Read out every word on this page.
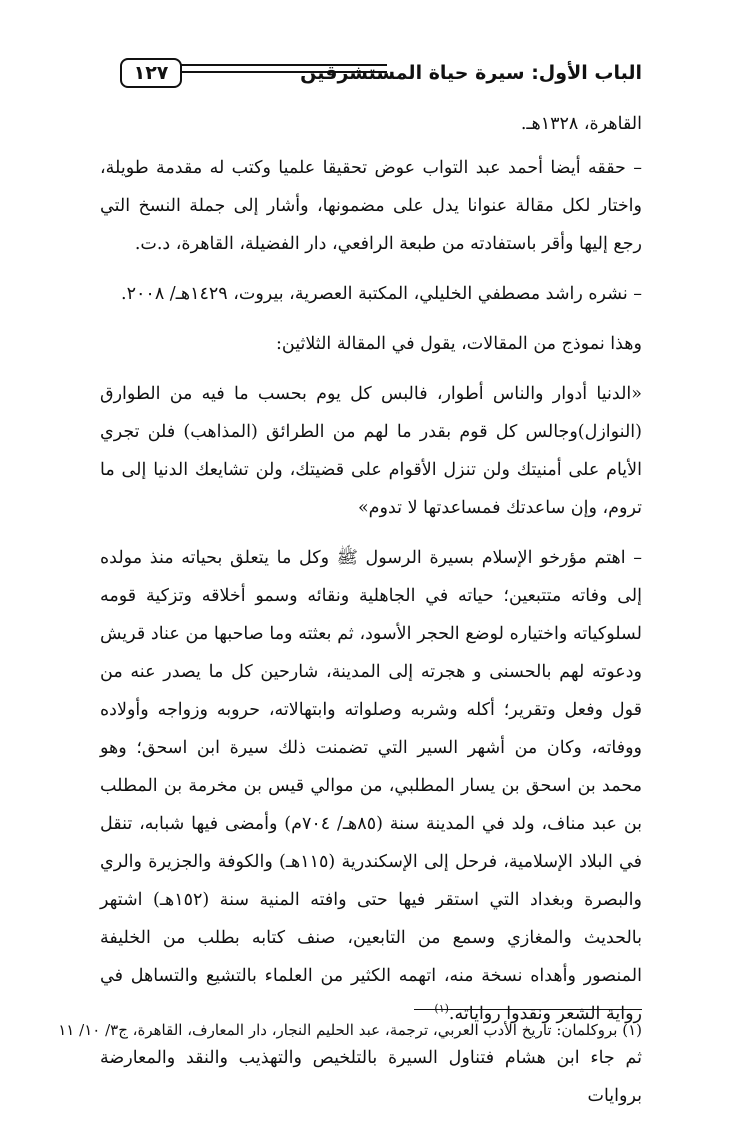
الباب الأول: سيرة حياة المستشرقين
١٢٧

القاهرة، ١٣٢٨هـ.

– حققه أيضا أحمد عبد التواب عوض تحقيقا علميا وكتب له مقدمة طويلة، واختار لكل مقالة عنوانا يدل على مضمونها، وأشار إلى جملة النسخ التي رجع إليها وأقر باستفادته من طبعة الرافعي، دار الفضيلة، القاهرة، د.ت.

– نشره راشد مصطفي الخليلي، المكتبة العصرية، بيروت، ١٤٢٩هـ/ ٢٠٠٨.

وهذا نموذج من المقالات، يقول في المقالة الثلاثين:

«الدنيا أدوار والناس أطوار، فالبس كل يوم بحسب ما فيه من الطوارق (النوازل)وجالس كل قوم بقدر ما لهم من الطرائق (المذاهب) فلن تجري الأيام على أمنيتك ولن تنزل الأقوام على قضيتك، ولن تشايعك الدنيا إلى ما تروم، وإن ساعدتك فمساعدتها لا تدوم»

– اهتم مؤرخو الإسلام بسيرة الرسول ﷺ وكل ما يتعلق بحياته منذ مولده إلى وفاته متتبعين؛ حياته في الجاهلية ونقائه وسمو أخلاقه وتزكية قومه لسلوكياته واختياره لوضع الحجر الأسود، ثم بعثته وما صاحبها من عناد قريش ودعوته لهم بالحسنى و هجرته إلى المدينة، شارحين كل ما يصدر عنه من قول وفعل وتقرير؛ أكله وشربه وصلواته وابتهالاته، حروبه وزواجه وأولاده ووفاته، وكان من أشهر السير التي تضمنت ذلك سيرة ابن اسحق؛ وهو محمد بن اسحق بن يسار المطلبي، من موالي قيس بن مخرمة بن المطلب بن عبد مناف، ولد في المدينة سنة (٨٥هـ/ ٧٠٤م) وأمضى فيها شبابه، تنقل في البلاد الإسلامية، فرحل إلى الإسكندرية (١١٥هـ) والكوفة والجزيرة والري والبصرة وبغداد التي استقر فيها حتى وافته المنية سنة (١٥٢هـ) اشتهر بالحديث والمغازي وسمع من التابعين، صنف كتابه بطلب من الخليفة المنصور وأهداه نسخة منه، اتهمه الكثير من العلماء بالتشيع والتساهل في رواية الشعر ونقدوا رواياته.$^{(١)}$

ثم جاء ابن هشام فتناول السيرة بالتلخيص والتهذيب والنقد والمعارضة بروايات

(١) بروكلمان: تاريخ الأدب العربي، ترجمة، عبد الحليم النجار، دار المعارف، القاهرة، ج٣/ ١٠/ ١١
